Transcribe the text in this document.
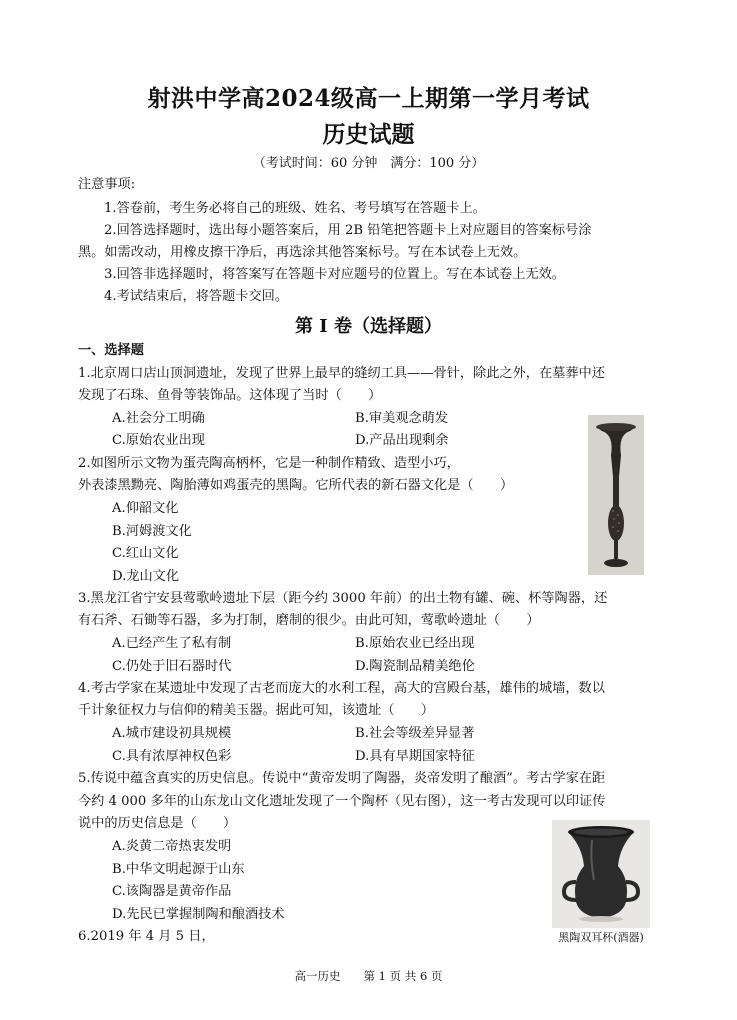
射洪中学高2024级高一上期第一学月考试
历史试题
（考试时间：60 分钟　满分：100 分）
注意事项:
1.答卷前，考生务必将自己的班级、姓名、考号填写在答题卡上。
2.回答选择题时，选出每小题答案后，用 2B 铅笔把答题卡上对应题目的答案标号涂
黑。如需改动，用橡皮擦干净后，再选涂其他答案标号。写在本试卷上无效。
3.回答非选择题时，将答案写在答题卡对应题号的位置上。写在本试卷上无效。
4.考试结束后，将答题卡交回。
第 I 卷（选择题）
一、选择题
1.北京周口店山顶洞遗址，发现了世界上最早的缝纫工具——骨针，除此之外，在墓葬中还
发现了石珠、鱼骨等装饰品。这体现了当时（　　）
A.社会分工明确	B.审美观念萌发
C.原始农业出现	D.产品出现剩余
2.如图所示文物为蛋壳陶高柄杯，它是一种制作精致、造型小巧，
外表漆黑黝亮、陶胎薄如鸡蛋壳的黑陶。它所代表的新石器文化是（　　）
A.仰韶文化
B.河姆渡文化
C.红山文化
D.龙山文化
3.黑龙江省宁安县莺歌岭遗址下层（距今约 3000 年前）的出土物有罐、碗、杯等陶器，还
有石斧、石锄等石器，多为打制，磨制的很少。由此可知，莺歌岭遗址（　　）
A.已经产生了私有制	B.原始农业已经出现
C.仍处于旧石器时代	D.陶瓷制品精美绝伦
4.考古学家在某遗址中发现了古老而庞大的水利工程，高大的宫殿台基，雄伟的城墙，数以
千计象征权力与信仰的精美玉器。据此可知，该遗址（　　）
A.城市建设初具规模	B.社会等级差异显著
C.具有浓厚神权色彩	D.具有早期国家特征
5.传说中蕴含真实的历史信息。传说中“黄帝发明了陶器，炎帝发明了酿酒”。考古学家在距
今约 4 000 多年的山东龙山文化遗址发现了一个陶杯（见右图），这一考古发现可以印证传
说中的历史信息是（　　）
A.炎黄二帝热衷发明
B.中华文明起源于山东
C.该陶器是黄帝作品
D.先民已掌握制陶和酿酒技术
黑陶双耳杯(酒器)
6.2019 年 4 月 5 日，
高一历史　　第 1 页 共 6 页
